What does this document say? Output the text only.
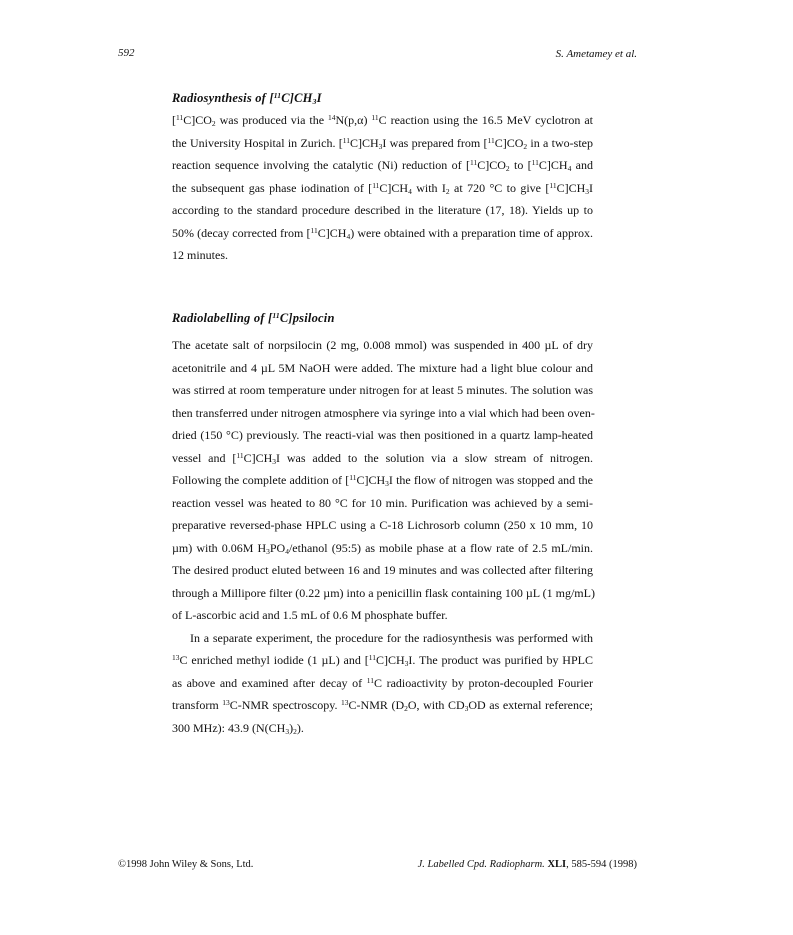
592	S. Ametamey et al.
Radiosynthesis of $[^{11}C]CH_3I$
$[^{11}C]CO_2$ was produced via the $^{14}$N(p,α) $^{11}$C reaction using the 16.5 MeV cyclotron at
the University Hospital in Zurich. $[^{11}C]CH_3I$ was prepared from $[^{11}C]CO_2$ in a two-step
reaction sequence involving the catalytic (Ni) reduction of $[^{11}C]CO_2$ to $[^{11}C]CH_4$ and
the subsequent gas phase iodination of $[^{11}C]CH_4$ with $I_2$ at 720 °C to give $[^{11}C]CH_3I$
according to the standard procedure described in the literature (17, 18). Yields up to
50% (decay corrected from $[^{11}C]CH_4$) were obtained with a preparation time of approx.
12 minutes.
Radiolabelling of [$^{11}$C]psilocin
The acetate salt of norpsilocin (2 mg, 0.008 mmol) was suspended in 400 µL of dry
acetonitrile and 4 µL 5M NaOH were added. The mixture had a light blue colour and
was stirred at room temperature under nitrogen for at least 5 minutes. The solution was
then transferred under nitrogen atmosphere via syringe into a vial which had been oven-
dried (150 °C) previously. The reacti-vial was then positioned in a quartz lamp-heated
vessel and $[^{11}C]CH_3I$ was added to the solution via a slow stream of nitrogen.
Following the complete addition of $[^{11}C]CH_3I$ the flow of nitrogen was stopped and the
reaction vessel was heated to 80 °C for 10 min. Purification was achieved by a semi-
preparative reversed-phase HPLC using a C-18 Lichrosorb column (250 x 10 mm, 10
µm) with 0.06M $H_3PO_4$/ethanol (95:5) as mobile phase at a flow rate of 2.5 mL/min.
The desired product eluted between 16 and 19 minutes and was collected after filtering
through a Millipore filter (0.22 µm) into a penicillin flask containing 100 µL (1 mg/mL)
of L-ascorbic acid and 1.5 mL of 0.6 M phosphate buffer.
In a separate experiment, the procedure for the radiosynthesis was performed with
$^{13}$C enriched methyl iodide (1 µL) and $[^{11}C]CH_3I$. The product was purified by HPLC
as above and examined after decay of $^{11}$C radioactivity by proton-decoupled Fourier
transform $^{13}$C-NMR spectroscopy. $^{13}$C-NMR ($D_2O$, with $CD_3OD$ as external reference;
300 MHz): 43.9 $(N(CH_3)_2)$.
©1998 John Wiley & Sons, Ltd.	J. Labelled Cpd. Radiopharm. XLI, 585-594 (1998)
